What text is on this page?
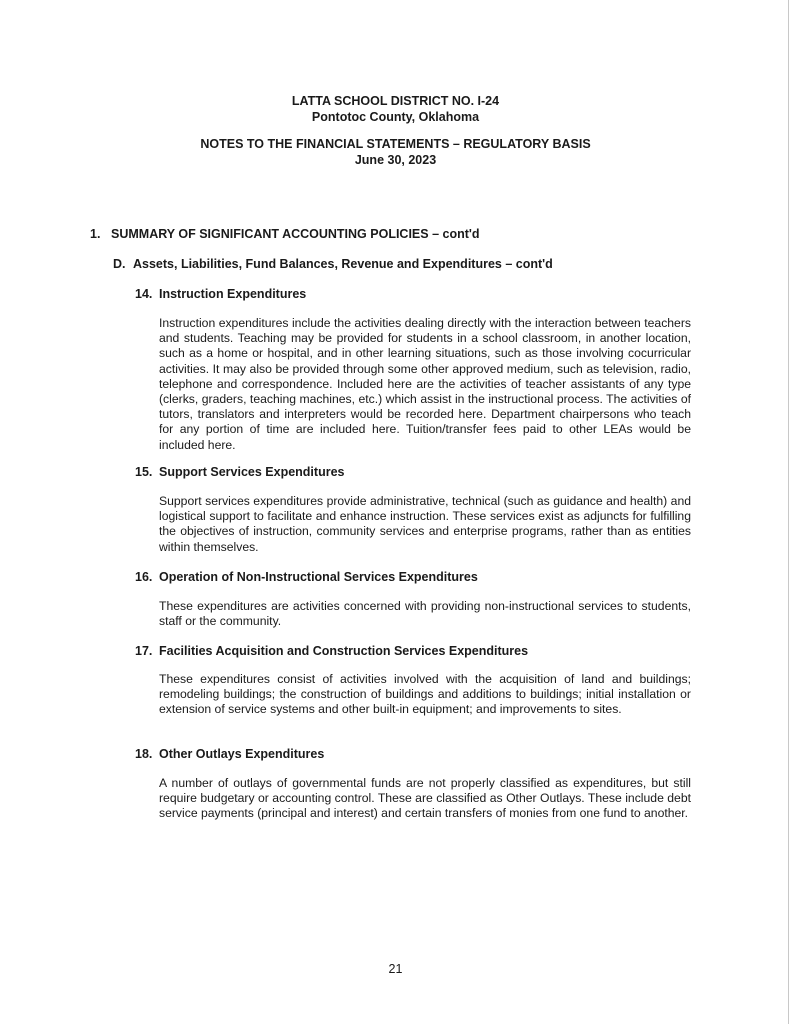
LATTA SCHOOL DISTRICT NO. I-24
Pontotoc County, Oklahoma
NOTES TO THE FINANCIAL STATEMENTS – REGULATORY BASIS
June 30, 2023
1. SUMMARY OF SIGNIFICANT ACCOUNTING POLICIES – cont'd
D. Assets, Liabilities, Fund Balances, Revenue and Expenditures – cont'd
14. Instruction Expenditures

Instruction expenditures include the activities dealing directly with the interaction between teachers and students. Teaching may be provided for students in a school classroom, in another location, such as a home or hospital, and in other learning situations, such as those involving cocurricular activities. It may also be provided through some other approved medium, such as television, radio, telephone and correspondence. Included here are the activities of teacher assistants of any type (clerks, graders, teaching machines, etc.) which assist in the instructional process. The activities of tutors, translators and interpreters would be recorded here. Department chairpersons who teach for any portion of time are included here. Tuition/transfer fees paid to other LEAs would be included here.

15. Support Services Expenditures

Support services expenditures provide administrative, technical (such as guidance and health) and logistical support to facilitate and enhance instruction. These services exist as adjuncts for fulfilling the objectives of instruction, community services and enterprise programs, rather than as entities within themselves.

16. Operation of Non-Instructional Services Expenditures

These expenditures are activities concerned with providing non-instructional services to students, staff or the community.

17. Facilities Acquisition and Construction Services Expenditures

These expenditures consist of activities involved with the acquisition of land and buildings; remodeling buildings; the construction of buildings and additions to buildings; initial installation or extension of service systems and other built-in equipment; and improvements to sites.

18. Other Outlays Expenditures

A number of outlays of governmental funds are not properly classified as expenditures, but still require budgetary or accounting control. These are classified as Other Outlays. These include debt service payments (principal and interest) and certain transfers of monies from one fund to another.

21
